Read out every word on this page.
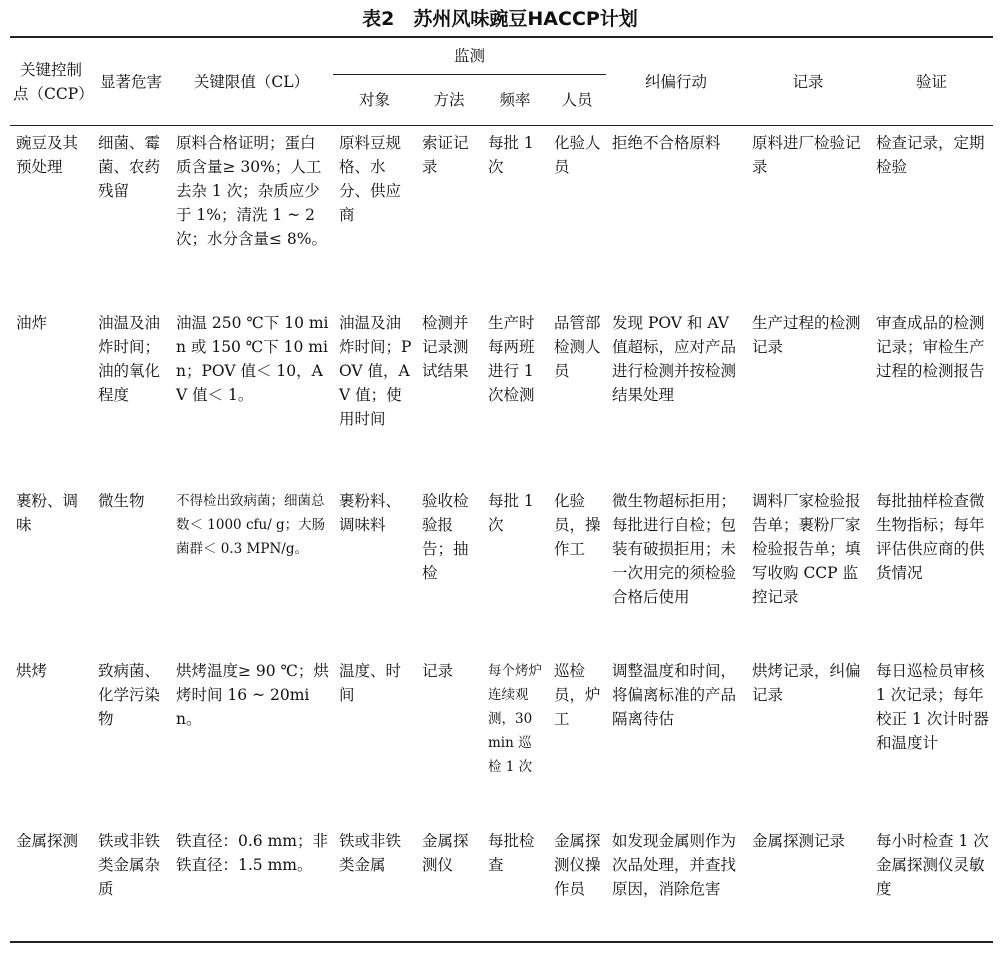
表2　苏州风味豌豆HACCP计划
关键控制点（CCP）	显著危害	关键限值（CL）	监测				纠偏行动	记录	验证
			对象	方法	频率	人员			
豌豆及其预处理	细菌、霉菌、农药残留	原料合格证明；蛋白质含量≥ 30%；人工去杂 1 次；杂质应少于 1%；清洗 1 ~ 2 次；水分含量≤ 8%。	原料豆规格、水分、供应商	索证记录	每批 1 次	化验人员	拒绝不合格原料	原料进厂检验记录	检查记录，定期检验
油炸	油温及油炸时间；油的氧化程度	油温 250 ℃下 10 min 或 150 ℃下 10 min；POV 值＜ 10，AV 值＜ 1。	油温及油炸时间；POV 值，AV 值；使用时间	检测并记录测试结果	生产时每两班进行 1 次检测	品管部检测人员	发现 POV 和 AV 值超标，应对产品进行检测并按检测结果处理	生产过程的检测记录	审查成品的检测记录；审检生产过程的检测报告
裹粉、调味	微生物	不得检出致病菌；细菌总数＜ 1000 cfu/ g；大肠菌群＜ 0.3 MPN/g。	裹粉料、调味料	验收检验报告；抽检	每批 1 次	化验员，操作工	微生物超标拒用；每批进行自检；包装有破损拒用；未一次用完的须检验合格后使用	调料厂家检验报告单；裹粉厂家检验报告单；填写收购 CCP 监控记录	每批抽样检查微生物指标；每年评估供应商的供货情况
烘烤	致病菌、化学污染物	烘烤温度≥ 90 ℃；烘烤时间 16 ~ 20min。	温度、时间	记录	每个烤炉连续观测，30 min 巡检 1 次	巡检员，炉工	调整温度和时间，将偏离标准的产品隔离待估	烘烤记录，纠偏记录	每日巡检员审核 1 次记录；每年校正 1 次计时器和温度计
金属探测	铁或非铁类金属杂质	铁直径：0.6 mm；非铁直径：1.5 mm。	铁或非铁类金属	金属探测仪	每批检查	金属探测仪操作员	如发现金属则作为次品处理，并查找原因，消除危害	金属探测记录	每小时检查 1 次金属探测仪灵敏度
